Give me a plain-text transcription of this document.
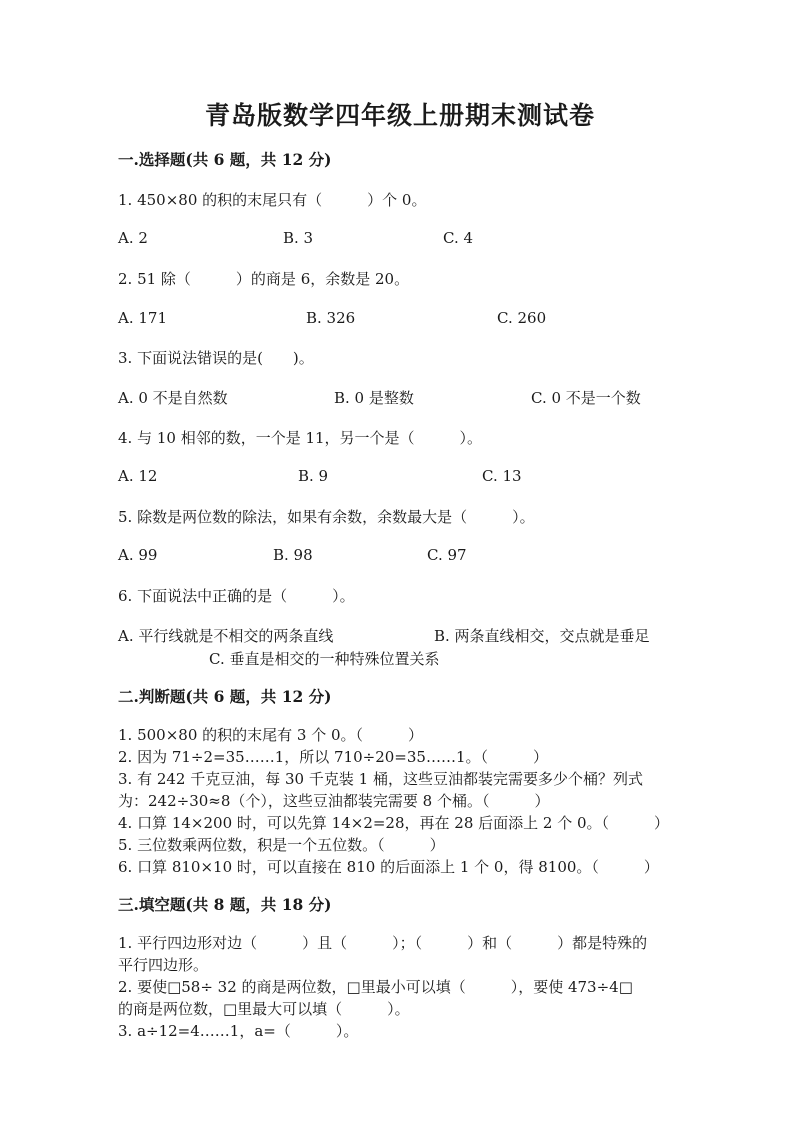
青岛版数学四年级上册期末测试卷
一.选择题(共 6 题，共 12 分)
1. 450×80 的积的末尾只有（　　　）个 0。
A. 2	B. 3	C. 4
2. 51 除（　　　）的商是 6，余数是 20。
A. 171	B. 326	C. 260
3. 下面说法错误的是(　　)。
A. 0 不是自然数	B. 0 是整数	C. 0 不是一个数
4. 与 10 相邻的数，一个是 11，另一个是（　　　）。
A. 12	B. 9	C. 13
5. 除数是两位数的除法，如果有余数，余数最大是（　　　）。
A. 99	B. 98	C. 97
6. 下面说法中正确的是（　　　）。
A. 平行线就是不相交的两条直线	B. 两条直线相交，交点就是垂足
C. 垂直是相交的一种特殊位置关系
二.判断题(共 6 题，共 12 分)
1. 500×80 的积的末尾有 3 个 0。（　　　）
2. 因为 71÷2=35……1，所以 710÷20=35……1。（　　　）
3. 有 242 千克豆油，每 30 千克装 1 桶，这些豆油都装完需要多少个桶？列式
为：242÷30≈8（个），这些豆油都装完需要 8 个桶。（　　　）
4. 口算 14×200 时，可以先算 14×2=28，再在 28 后面添上 2 个 0。（　　　）
5. 三位数乘两位数，积是一个五位数。（　　　）
6. 口算 810×10 时，可以直接在 810 的后面添上 1 个 0，得 8100。（　　　）
三.填空题(共 8 题，共 18 分)
1. 平行四边形对边（　　　）且（　　　）；（　　　）和（　　　）都是特殊的
平行四边形。
2. 要使□58÷ 32 的商是两位数，□里最小可以填（　　　），要使 473÷4□
的商是两位数，□里最大可以填（　　　）。
3. a÷12=4……1，a=（　　　）。
